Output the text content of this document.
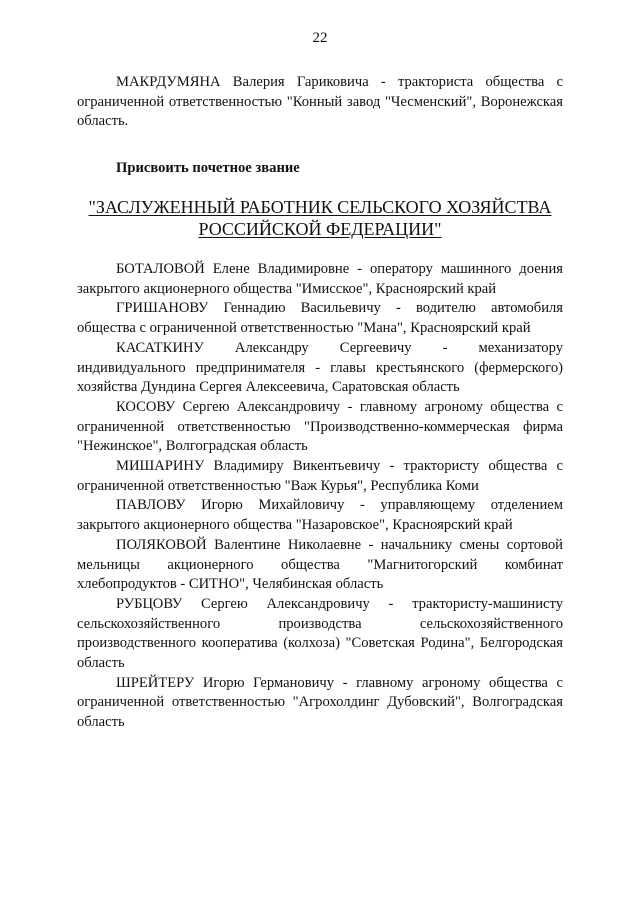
22

МАКРДУМЯНА Валерия Гариковича - тракториста общества с ограниченной ответственностью "Конный завод "Чесменский", Воронежская область.

Присвоить почетное звание

"ЗАСЛУЖЕННЫЙ РАБОТНИК СЕЛЬСКОГО ХОЗЯЙСТВА
РОССИЙСКОЙ ФЕДЕРАЦИИ"

БОТАЛОВОЙ Елене Владимировне - оператору машинного доения закрытого акционерного общества "Имисское", Красноярский край

ГРИШАНОВУ Геннадию Васильевичу - водителю автомобиля общества с ограниченной ответственностью "Мана", Красноярский край

КАСАТКИНУ Александру Сергеевичу - механизатору индивидуального предпринимателя - главы крестьянского (фермерского) хозяйства Дундина Сергея Алексеевича, Саратовская область

КОСОВУ Сергею Александровичу - главному агроному общества с ограниченной ответственностью "Производственно-коммерческая фирма "Нежинское", Волгоградская область

МИШАРИНУ Владимиру Викентьевичу - трактористу общества с ограниченной ответственностью "Важ Курья", Республика Коми

ПАВЛОВУ Игорю Михайловичу - управляющему отделением закрытого акционерного общества "Назаровское", Красноярский край

ПОЛЯКОВОЙ Валентине Николаевне - начальнику смены сортовой мельницы акционерного общества "Магнитогорский комбинат хлебопродуктов - СИТНО", Челябинская область

РУБЦОВУ Сергею Александровичу - трактористу-машинисту сельскохозяйственного производства сельскохозяйственного производственного кооператива (колхоза) "Советская Родина", Белгородская область

ШРЕЙТЕРУ Игорю Германовичу - главному агроному общества с ограниченной ответственностью "Агрохолдинг Дубовский", Волгоградская область
